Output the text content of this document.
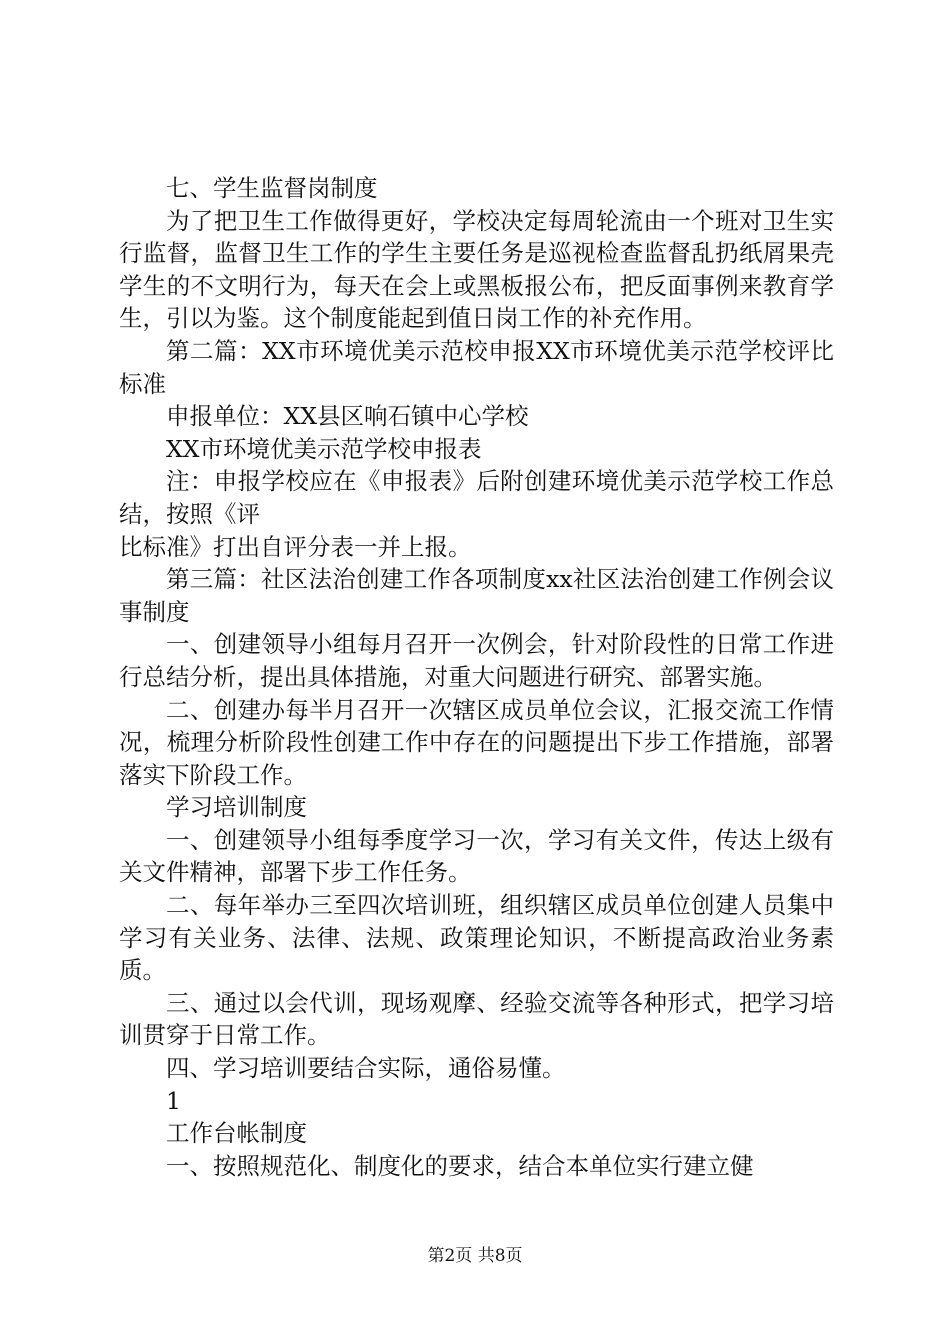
七、学生监督岗制度

为了把卫生工作做得更好，学校决定每周轮流由一个班对卫生实行监督，监督卫生工作的学生主要任务是巡视检查监督乱扔纸屑果壳学生的不文明行为，每天在会上或黑板报公布，把反面事例来教育学生，引以为鉴。这个制度能起到值日岗工作的补充作用。

第二篇：XX市环境优美示范校申报XX市环境优美示范学校评比标准

申报单位：XX县区响石镇中心学校

XX市环境优美示范学校申报表

注：申报学校应在《申报表》后附创建环境优美示范学校工作总结，按照《评

比标准》打出自评分表一并上报。

第三篇：社区法治创建工作各项制度xx社区法治创建工作例会议事制度

一、创建领导小组每月召开一次例会，针对阶段性的日常工作进行总结分析，提出具体措施，对重大问题进行研究、部署实施。

二、创建办每半月召开一次辖区成员单位会议，汇报交流工作情况，梳理分析阶段性创建工作中存在的问题提出下步工作措施，部署落实下阶段工作。

学习培训制度

一、创建领导小组每季度学习一次，学习有关文件，传达上级有关文件精神，部署下步工作任务。

二、每年举办三至四次培训班，组织辖区成员单位创建人员集中学习有关业务、法律、法规、政策理论知识，不断提高政治业务素质。

三、通过以会代训，现场观摩、经验交流等各种形式，把学习培训贯穿于日常工作。

四、学习培训要结合实际，通俗易懂。

1

工作台帐制度

一、按照规范化、制度化的要求，结合本单位实行建立健

第2页 共8页
